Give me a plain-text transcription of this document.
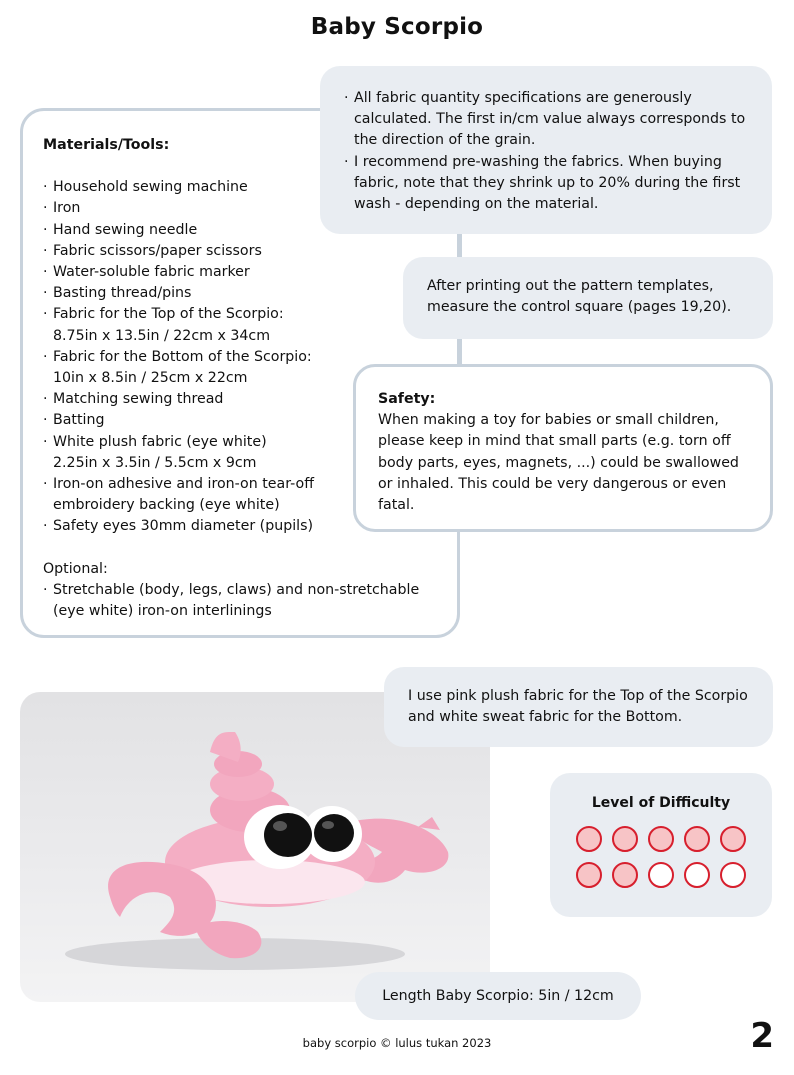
Baby Scorpio
Materials/Tools:
· Household sewing machine
· Iron
· Hand sewing needle
· Fabric scissors/paper scissors
· Water-soluble fabric marker
· Basting thread/pins
· Fabric for the Top of the Scorpio:
8.75in x 13.5in / 22cm x 34cm
· Fabric for the Bottom of the Scorpio:
10in x 8.5in / 25cm x 22cm
· Matching sewing thread
· Batting
· White plush fabric (eye white)
2.25in x 3.5in / 5.5cm x 9cm
· Iron-on adhesive and iron-on tear-off
embroidery backing (eye white)
· Safety eyes 30mm diameter (pupils)
Optional:
· Stretchable (body, legs, claws) and non-stretchable
(eye white) iron-on interlinings
· All fabric quantity specifications are generously calculated. The first in/cm value always corresponds to the direction of the grain.
· I recommend pre-washing the fabrics. When buying fabric, note that they shrink up to 20% during the first wash - depending on the material.
After printing out the pattern templates, measure the control square (pages 19,20).
Safety:
When making a toy for babies or small children, please keep in mind that small parts (e.g. torn off body parts, eyes, magnets, ...) could be swallowed or inhaled. This could be very dangerous or even fatal.
I use pink plush fabric for the Top of the Scorpio and white sweat fabric for the Bottom.
Level of Difficulty
Length Baby Scorpio: 5in / 12cm
baby scorpio © lulus tukan 2023	2
